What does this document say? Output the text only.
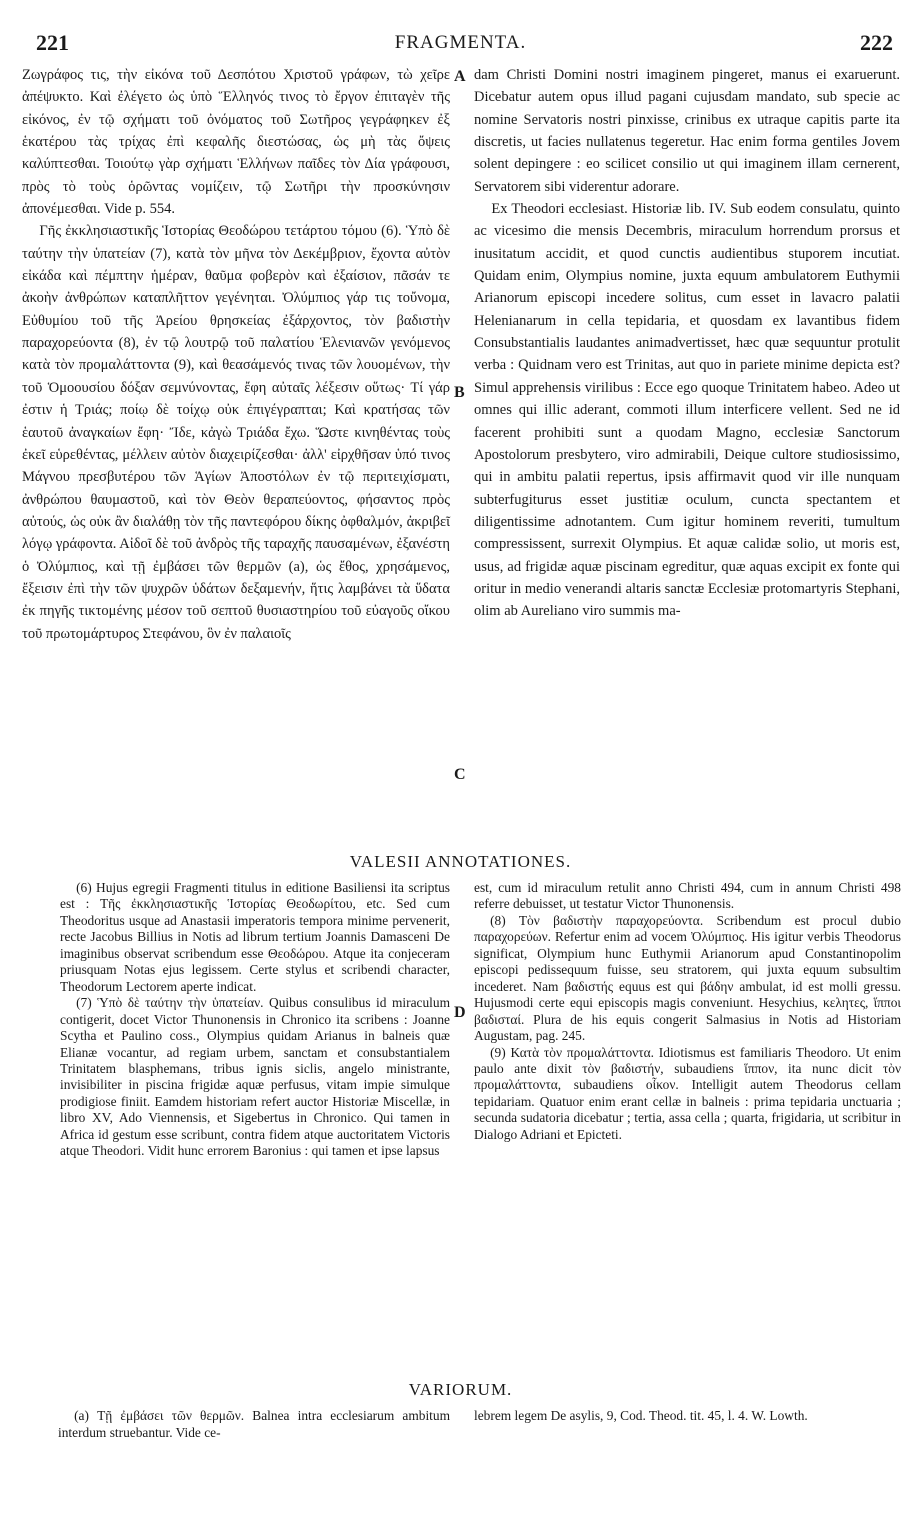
221	FRAGMENTA.	222

Ζωγράφος τις, τὴν εἰκόνα τοῦ Δεσπότου Χριστοῦ γράφων, τὼ χεῖρε ἀπέψυκτο. Καὶ ἐλέγετο ὡς ὑπὸ Ἕλληνός τινος τὸ ἔργον ἐπιταγὲν τῆς εἰκόνος, ἐν τῷ σχήματι τοῦ ὀνόματος τοῦ Σωτῆρος γεγράφηκεν ἐξ ἑκατέρου τὰς τρίχας ἐπὶ κεφαλῆς διεστώσας, ὡς μὴ τὰς ὄψεις καλύπτεσθαι. Τοιούτῳ γὰρ σχήματι Ἑλλήνων παῖδες τὸν Δία γράφουσι, πρὸς τὸ τοὺς ὁρῶντας νομίζειν, τῷ Σωτῆρι τὴν προσκύνησιν ἀπονέμεσθαι. Vide p. 554.

Γῆς ἐκκλησιαστικῆς Ἱστορίας Θεοδώρου τετάρτου τόμου (6). Ὑπὸ δὲ ταύτην τὴν ὑπατείαν (7), κατὰ τὸν μῆνα τὸν Δεκέμβριον, ἔχοντα αὐτὸν εἰκάδα καὶ πέμπτην ἡμέραν, θαῦμα φοβερὸν καὶ ἐξαίσιον, πᾶσάν τε ἀκοὴν ἀνθρώπων καταπλῆττον γεγένηται. Ὀλύμπιος γάρ τις τοὔνομα, Εὐθυμίου τοῦ τῆς Ἀρείου θρησκείας ἐξάρχοντος, τὸν βαδιστὴν παραχορεύοντα (8), ἐν τῷ λουτρῷ τοῦ παλατίου Ἑλενιανῶν γενόμενος κατὰ τὸν προμαλάττοντα (9), καὶ θεασάμενός τινας τῶν λουομένων, τὴν τοῦ Ὁμοουσίου δόξαν σεμνύνοντας, ἔφη αὐταῖς λέξεσιν οὕτως· Τί γάρ ἐστιν ἡ Τριάς; ποίῳ δὲ τοίχῳ οὐκ ἐπιγέγραπται; Καὶ κρατήσας τῶν ἑαυτοῦ ἀναγκαίων ἔφη· Ἴδε, κἀγὼ Τριάδα ἔχω. Ὥστε κινηθέντας τοὺς ἐκεῖ εὑρεθέντας, μέλλειν αὐτὸν διαχειρίζεσθαι· ἀλλ' εἰρχθῆσαν ὑπό τινος Μάγνου πρεσβυτέρου τῶν Ἁγίων Ἀποστόλων ἐν τῷ περιτειχίσματι, ἀνθρώπου θαυμαστοῦ, καὶ τὸν Θεὸν θεραπεύοντος, φήσαντος πρὸς αὐτούς, ὡς οὐκ ἂν διαλάθῃ τὸν τῆς παντεφόρου δίκης ὀφθαλμόν, ἀκριβεῖ λόγῳ γράφοντα. Αἰδοῖ δὲ τοῦ ἀνδρὸς τῆς ταραχῆς παυσαμένων, ἐξανέστη ὁ Ὀλύμπιος, καὶ τῇ ἐμβάσει τῶν θερμῶν (a), ὡς ἔθος, χρησάμενος, ἔξεισιν ἐπὶ τὴν τῶν ψυχρῶν ὑδάτων δεξαμενήν, ἥτις λαμβάνει τὰ ὕδατα ἐκ πηγῆς τικτομένης μέσον τοῦ σεπτοῦ θυσιαστηρίου τοῦ εὐαγοῦς οἴκου τοῦ πρωτομάρτυρος Στεφάνου, ὃν ἐν παλαιοῖς

A
B
C
D

dam Christi Domini nostri imaginem pingeret, manus ei exaruerunt. Dicebatur autem opus illud pagani cujusdam mandato, sub specie ac nomine Servatoris nostri pinxisse, crinibus ex utraque capitis parte ita discretis, ut facies nullatenus tegeretur. Hac enim forma gentiles Jovem solent depingere : eo scilicet consilio ut qui imaginem illam cernerent, Servatorem sibi viderentur adorare.

Ex Theodori ecclesiast. Historiæ lib. IV. Sub eodem consulatu, quinto ac vicesimo die mensis Decembris, miraculum horrendum prorsus et inusitatum accidit, et quod cunctis audientibus stuporem incutiat. Quidam enim, Olympius nomine, juxta equum ambulatorem Euthymii Arianorum episcopi incedere solitus, cum esset in lavacro palatii Helenianarum in cella tepidaria, et quosdam ex lavantibus fidem Consubstantialis laudantes animadvertisset, hæc quæ sequuntur protulit verba : Quidnam vero est Trinitas, aut quo in pariete minime depicta est? Simul apprehensis virilibus : Ecce ego quoque Trinitatem habeo. Adeo ut omnes qui illic aderant, commoti illum interficere vellent. Sed ne id facerent prohibiti sunt a quodam Magno, ecclesiæ Sanctorum Apostolorum presbytero, viro admirabili, Deique cultore studiosissimo, qui in ambitu palatii repertus, ipsis affirmavit quod vir ille nunquam subterfugiturus esset justitiæ oculum, cuncta spectantem et diligentissime adnotantem. Cum igitur hominem reveriti, tumultum compressissent, surrexit Olympius. Et aquæ calidæ solio, ut moris est, usus, ad frigidæ aquæ piscinam egreditur, quæ aquas excipit ex fonte qui oritur in medio venerandi altaris sanctæ Ecclesiæ protomartyris Stephani, olim ab Aureliano viro summis ma-

VALESII ANNOTATIONES.

(6) Hujus egregii Fragmenti titulus in editione Basiliensi ita scriptus est : Τῆς ἐκκλησιαστικῆς Ἱστορίας Θεοδωρίτου, etc. Sed cum Theodoritus usque ad Anastasii imperatoris tempora minime pervenerit, recte Jacobus Billius in Notis ad librum tertium Joannis Damasceni De imaginibus observat scribendum esse Θεοδώρου. Atque ita conjeceram priusquam Notas ejus legissem. Certe stylus et scribendi character, Theodorum Lectorem aperte indicat.

(7) Ὑπὸ δὲ ταύτην τὴν ὑπατείαν. Quibus consulibus id miraculum contigerit, docet Victor Thunonensis in Chronico ita scribens : Joanne Scytha et Paulino coss., Olympius quidam Arianus in balneis quæ Elianæ vocantur, ad regiam urbem, sanctam et consubstantialem Trinitatem blasphemans, tribus ignis siclis, angelo ministrante, invisibiliter in piscina frigidæ aquæ perfusus, vitam impie simulque prodigiose finiit. Eamdem historiam refert auctor Historiæ Miscellæ, in libro XV, Ado Viennensis, et Sigebertus in Chronico. Qui tamen in Africa id gestum esse scribunt, contra fidem atque auctoritatem Victoris atque Theodori. Vidit hunc errorem Baronius : qui tamen et ipse lapsus

est, cum id miraculum retulit anno Christi 494, cum in annum Christi 498 referre debuisset, ut testatur Victor Thunonensis.

(8) Τὸν βαδιστὴν παραχορεύοντα. Scribendum est procul dubio παραχορεύων. Refertur enim ad vocem Ὀλύμπιος. His igitur verbis Theodorus significat, Olympium hunc Euthymii Arianorum apud Constantinopolim episcopi pedissequum fuisse, seu stratorem, qui juxta equum subsultim incederet. Nam βαδιστής equus est qui βάδην ambulat, id est molli gressu. Hujusmodi certe equi episcopis magis conveniunt. Hesychius, κελητες, ἵπποι βαδισταί. Plura de his equis congerit Salmasius in Notis ad Historiam Augustam, pag. 245.

(9) Κατὰ τὸν προμαλάττοντα. Idiotismus est familiaris Theodoro. Ut enim paulo ante dixit τὸν βαδιστήν, subaudiens ἵππον, ita nunc dicit τὸν προμαλάττοντα, subaudiens οἶκον. Intelligit autem Theodorus cellam tepidariam. Quatuor enim erant cellæ in balneis : prima tepidaria unctuaria ; secunda sudatoria dicebatur ; tertia, assa cella ; quarta, frigidaria, ut scribitur in Dialogo Adriani et Epicteti.

VARIORUM.

(a) Τῇ ἐμβάσει τῶν θερμῶν. Balnea intra ecclesiarum ambitum interdum struebantur. Vide ce-

lebrem legem De asylis, 9, Cod. Theod. tit. 45, l. 4. W. Lowth.
